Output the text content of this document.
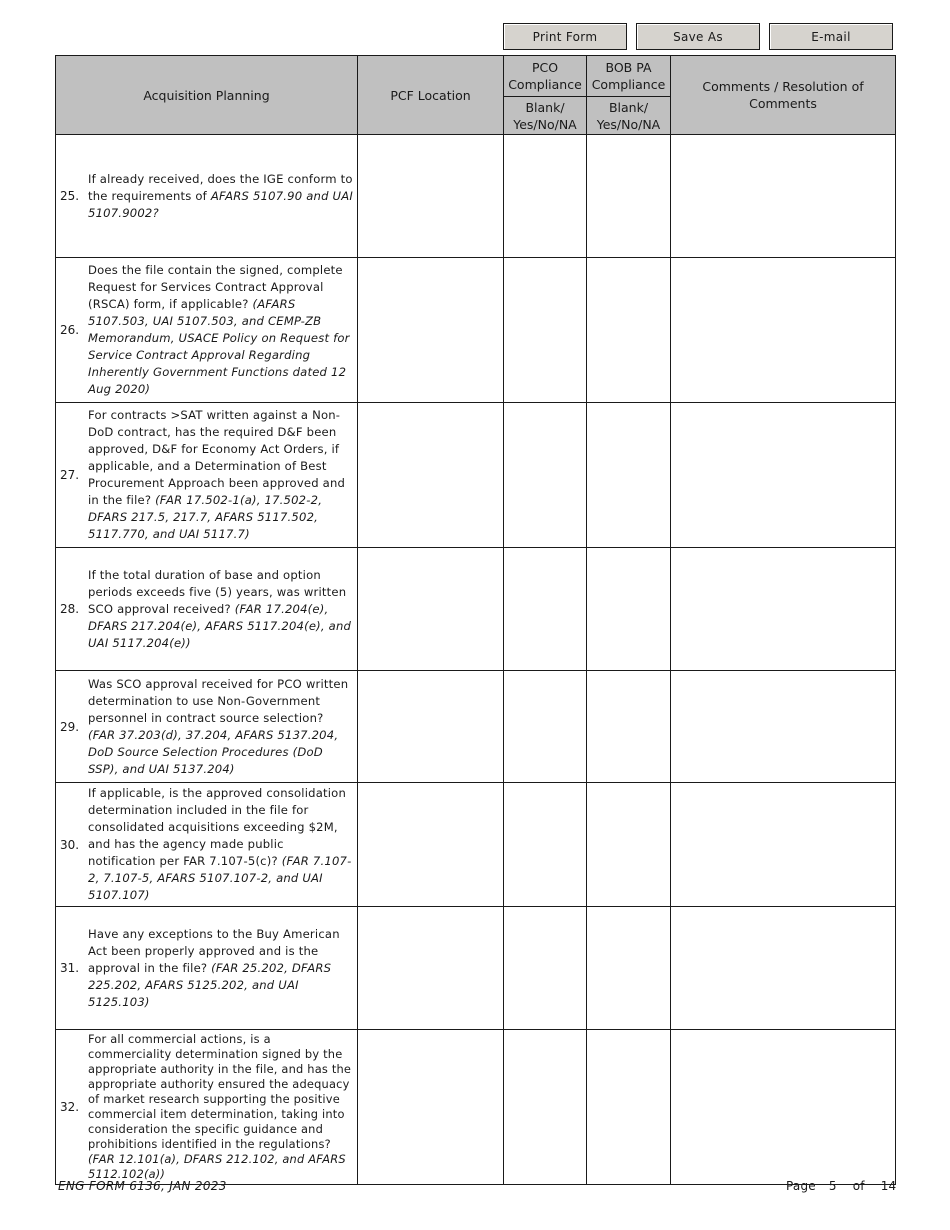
Print Form	Save As	E-mail
Acquisition Planning	PCF Location	PCO Compliance	BOB PA Compliance	Comments / Resolution of Comments
		Blank/ Yes/No/NA	Blank/ Yes/No/NA	

25.
If already received, does the IGE conform to the requirements of AFARS 5107.90 and UAI 5107.9002?				

26.
Does the file contain the signed, complete Request for Services Contract Approval (RSCA) form, if applicable? (AFARS 5107.503, UAI 5107.503, and CEMP-ZB Memorandum, USACE Policy on Request for Service Contract Approval Regarding Inherently Government Functions dated 12 Aug 2020)				

27.
For contracts >SAT written against a Non-DoD contract, has the required D&F been approved, D&F for Economy Act Orders, if applicable, and a Determination of Best Procurement Approach been approved and in the file? (FAR 17.502-1(a), 17.502-2, DFARS 217.5, 217.7, AFARS 5117.502, 5117.770, and UAI 5117.7)				

28.
If the total duration of base and option periods exceeds five (5) years, was written SCO approval received? (FAR 17.204(e), DFARS 217.204(e), AFARS 5117.204(e), and UAI 5117.204(e))				

29.
Was SCO approval received for PCO written determination to use Non-Government personnel in contract source selection? (FAR 37.203(d), 37.204, AFARS 5137.204, DoD Source Selection Procedures (DoD SSP), and UAI 5137.204)				

30.
If applicable, is the approved consolidation determination included in the file for consolidated acquisitions exceeding $2M, and has the agency made public notification per FAR 7.107-5(c)? (FAR 7.107-2, 7.107-5, AFARS 5107.107-2, and UAI 5107.107)				

31.
Have any exceptions to the Buy American Act been properly approved and is the approval in the file? (FAR 25.202, DFARS 225.202, AFARS 5125.202, and UAI 5125.103)				

32.
For all commercial actions, is a commerciality determination signed by the appropriate authority in the file, and has the appropriate authority ensured the adequacy of market research supporting the positive commercial item determination, taking into consideration the specific guidance and prohibitions identified in the regulations? (FAR 12.101(a), DFARS 212.102, and AFARS 5112.102(a))				

ENG FORM 6136, JAN 2023	Page 5 of 14
